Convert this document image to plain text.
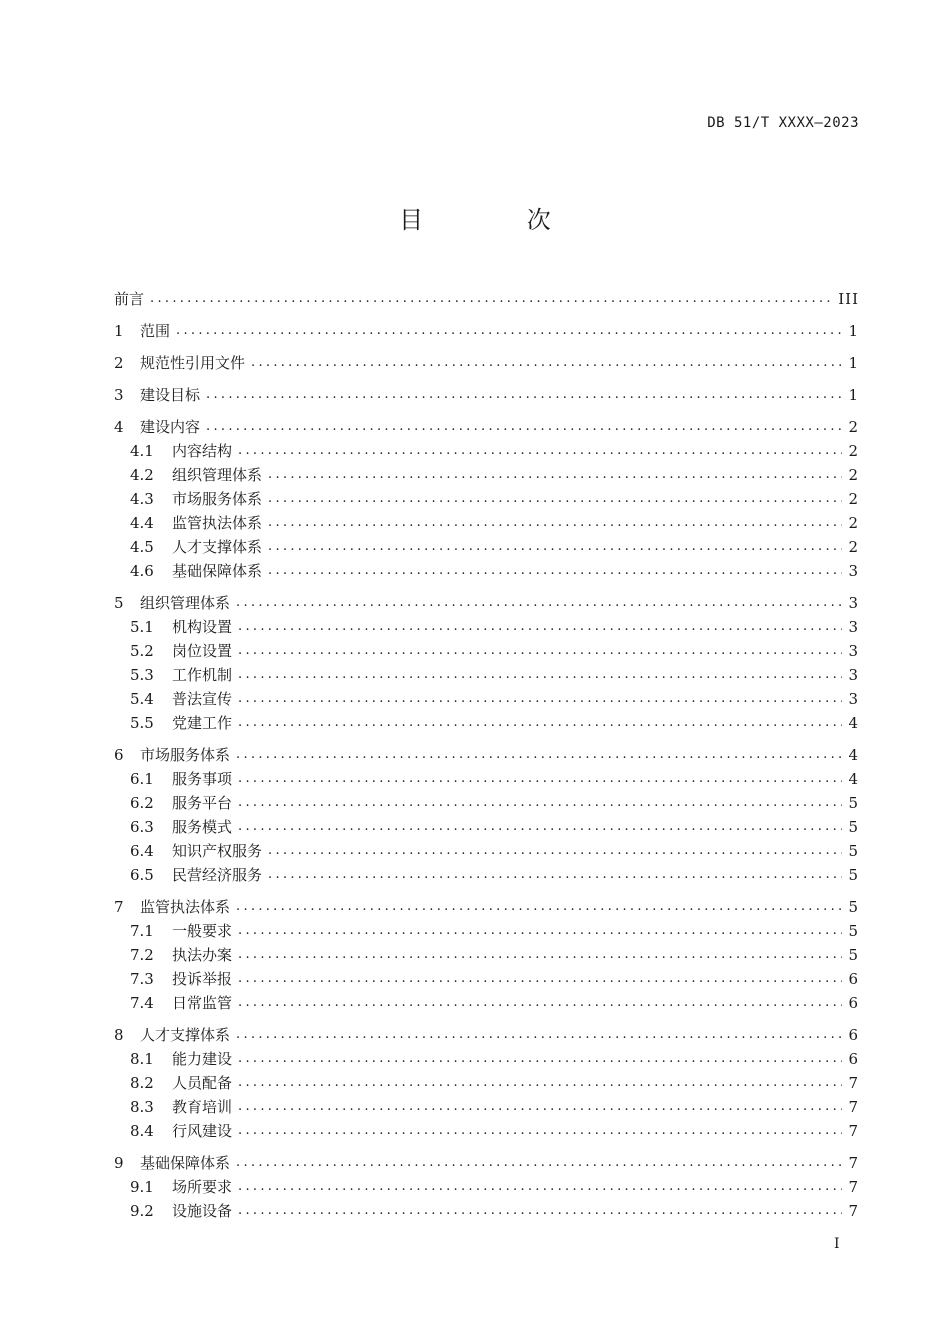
DB 51/T XXXX—2023
目 次
前言 .....	III
1	范围 .....	1
2	规范性引用文件 .....	1
3	建设目标 .....	1
4	建设内容 .....	2
4.1	内容结构 .....	2
4.2	组织管理体系 .....	2
4.3	市场服务体系 .....	2
4.4	监管执法体系 .....	2
4.5	人才支撑体系 .....	2
4.6	基础保障体系 .....	3
5	组织管理体系 .....	3
5.1	机构设置 .....	3
5.2	岗位设置 .....	3
5.3	工作机制 .....	3
5.4	普法宣传 .....	3
5.5	党建工作 .....	4
6	市场服务体系 .....	4
6.1	服务事项 .....	4
6.2	服务平台 .....	5
6.3	服务模式 .....	5
6.4	知识产权服务 .....	5
6.5	民营经济服务 .....	5
7	监管执法体系 .....	5
7.1	一般要求 .....	5
7.2	执法办案 .....	5
7.3	投诉举报 .....	6
7.4	日常监管 .....	6
8	人才支撑体系 .....	6
8.1	能力建设 .....	6
8.2	人员配备 .....	7
8.3	教育培训 .....	7
8.4	行风建设 .....	7
9	基础保障体系 .....	7
9.1	场所要求 .....	7
9.2	设施设备 .....	7
I
